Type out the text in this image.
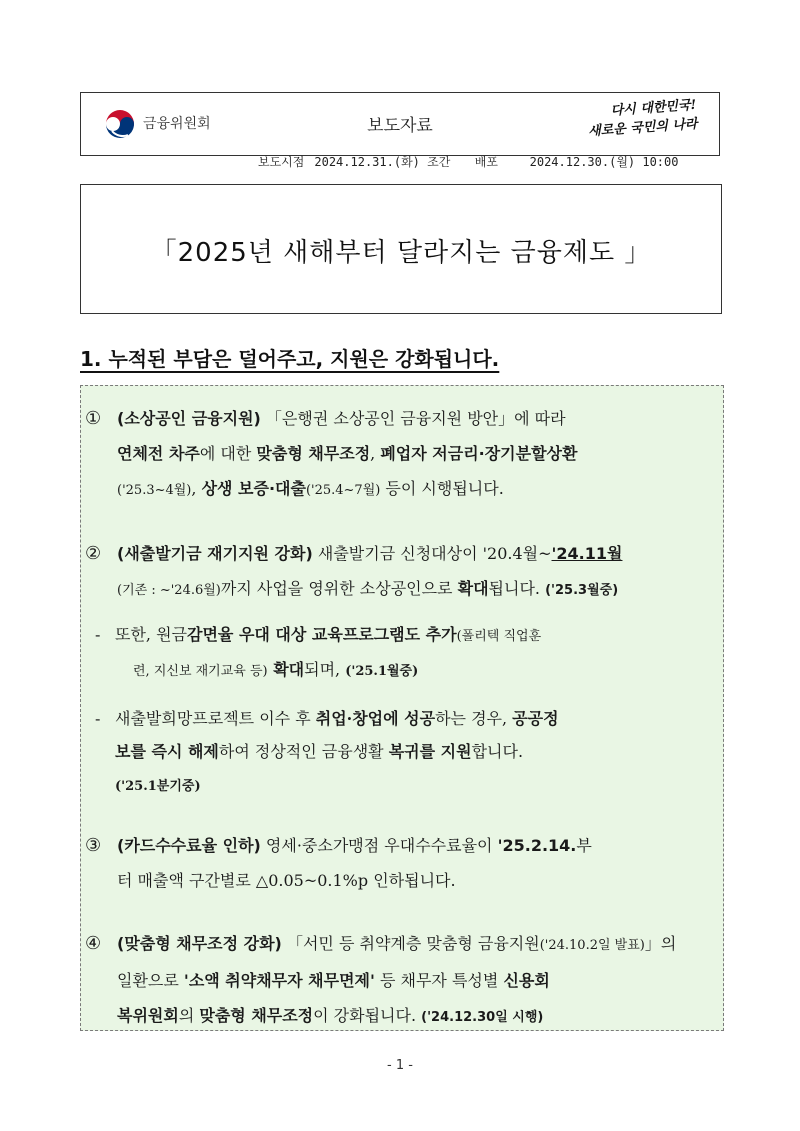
금융위원회	보도자료
다시 대한민국!
새로운 국민의 나라
보도시점 2024.12.31.(화) 조간 배포	2024.12.30.(월) 10:00
「2025년 새해부터 달라지는 금융제도 」
1. 누적된 부담은 덜어주고, 지원은 강화됩니다.
① (소상공인 금융지원) 「은행권 소상공인 금융지원 방안」에 따라
연체전 차주에 대한 맞춤형 채무조정, 폐업자 저금리·장기분할상환
('25.3~4월), 상생 보증·대출('25.4~7월) 등이 시행됩니다.
② (새출발기금 재기지원 강화) 새출발기금 신청대상이 '20.4월~'24.11월
(기존 : ~'24.6월)까지 사업을 영위한 소상공인으로 확대됩니다. ('25.3월중)
- 또한, 원금감면율 우대 대상 교육프로그램도 추가(폴리텍 직업훈
련, 지신보 재기교육 등) 확대되며, ('25.1월중)
- 새출발희망프로젝트 이수 후 취업·창업에 성공하는 경우, 공공정
보를 즉시 해제하여 정상적인 금융생활 복귀를 지원합니다.
('25.1분기중)
③ (카드수수료율 인하) 영세·중소가맹점 우대수수료율이 '25.2.14.부
터 매출액 구간별로 △0.05~0.1%p 인하됩니다.
④ (맞춤형 채무조정 강화) 「서민 등 취약계층 맞춤형 금융지원('24.10.2일 발표)」의
일환으로 '소액 취약채무자 채무면제' 등 채무자 특성별 신용회
복위원회의 맞춤형 채무조정이 강화됩니다. ('24.12.30일 시행)
- 1 -
